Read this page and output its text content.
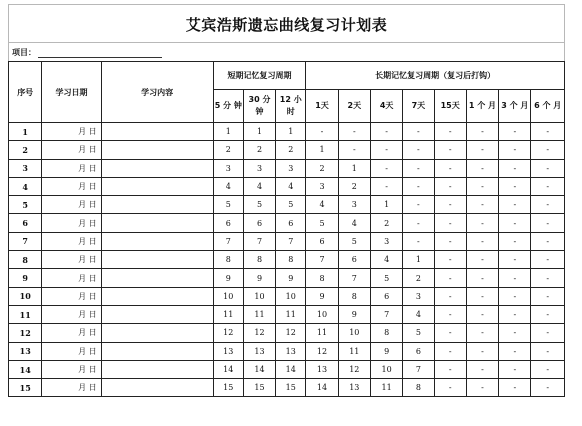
艾宾浩斯遗忘曲线复习计划表
项目：
序号	学习日期	学习内容	短期记忆复习周期			长期记忆复习周期（复习后打钩）							
			5 分 钟	30 分 钟	12 小 时	1天	2天	4天	7天	15天	1 个 月	3 个 月	6 个 月
1	月 日		1	1	1	-	-	-	-	-	-	-	-
2	月 日		2	2	2	1	-	-	-	-	-	-	-
3	月 日		3	3	3	2	1	-	-	-	-	-	-
4	月 日		4	4	4	3	2	-	-	-	-	-	-
5	月 日		5	5	5	4	3	1	-	-	-	-	-
6	月 日		6	6	6	5	4	2	-	-	-	-	-
7	月 日		7	7	7	6	5	3	-	-	-	-	-
8	月 日		8	8	8	7	6	4	1	-	-	-	-
9	月 日		9	9	9	8	7	5	2	-	-	-	-
10	月 日		10	10	10	9	8	6	3	-	-	-	-
11	月 日		11	11	11	10	9	7	4	-	-	-	-
12	月 日		12	12	12	11	10	8	5	-	-	-	-
13	月 日		13	13	13	12	11	9	6	-	-	-	-
14	月 日		14	14	14	13	12	10	7	-	-	-	-
15	月 日		15	15	15	14	13	11	8	-	-	-	-
